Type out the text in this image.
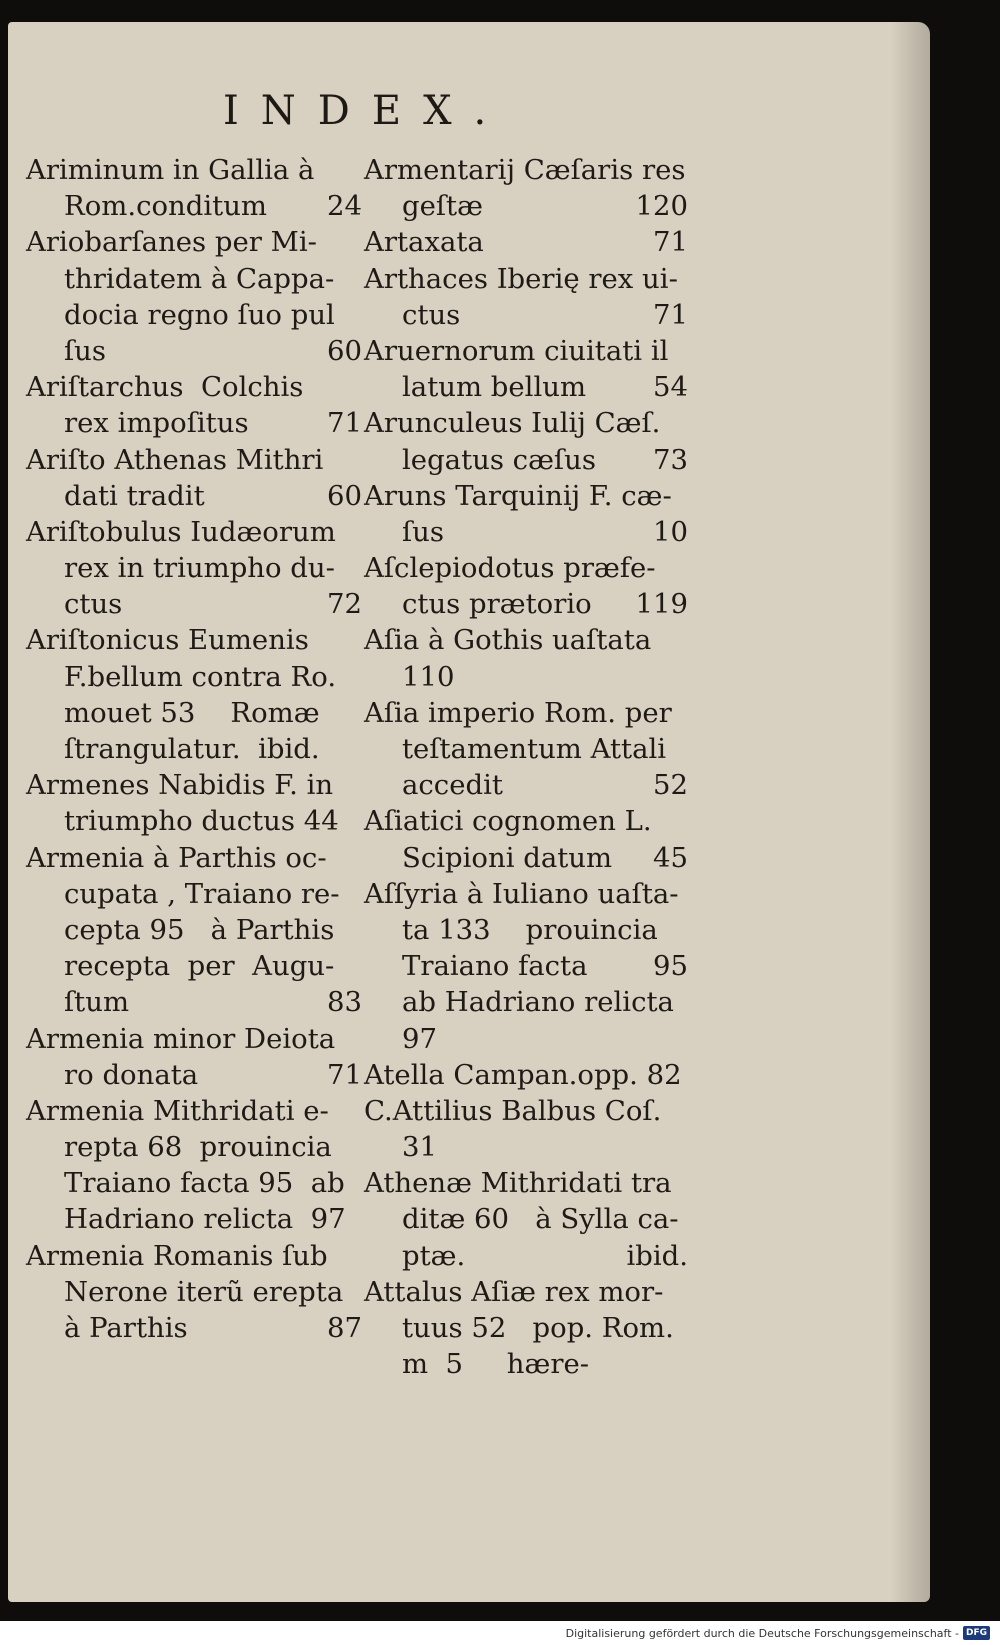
INDEX.
Ariminum in Gallia à
Rom.conditum 24
Ariobarſanes per Mi-
thridatem à Cappa-
docia regno ſuo pul
ſus	60
Ariſtarchus  Colchis
rex impoſitus	71
Ariſto Athenas Mithri
dati tradit	60
Ariſtobulus Iudæorum
rex in triumpho du-
ctus	72
Ariſtonicus Eumenis
F.bellum contra Ro.
mouet 53    Romæ
ſtrangulatur.  ibid.
Armenes Nabidis F. in
triumpho ductus 44
Armenia à Parthis oc-
cupata , Traiano re-
cepta 95   à Parthis
recepta  per  Augu-
ſtum	83
Armenia minor Deiota
ro donata	71
Armenia Mithridati e-
repta 68  prouincia
Traiano facta 95  ab
Hadriano relicta  97
Armenia Romanis ſub
Nerone iterũ erepta
à Parthis	87
Armentarij Cæſaris res
geſtæ	120
Artaxata	71
Arthaces Iberię rex ui-
ctus	71
Aruernorum ciuitati il
latum bellum 54
Arunculeus Iulij Cæſ.
legatus cæſus 73
Aruns Tarquinij F. cæ-
ſus	10
Aſclepiodotus præfe-
ctus prætorio 119
Aſia à Gothis uaſtata
110
Aſia imperio Rom. per
teſtamentum Attali
accedit	52
Aſiatici cognomen L.
Scipioni datum 45
Aſſyria à Iuliano uaſta-
ta 133    prouincia
Traiano facta 95
ab Hadriano relicta
97
Atella Campan.opp. 82
C.Attilius Balbus Coſ.
31
Athenæ Mithridati tra
ditæ 60   à Sylla ca-
ptæ.	ibid.
Attalus Aſiæ rex mor-
tuus 52   pop. Rom.
m  5     hære-
Digitalisierung gefördert durch die Deutsche Forschungsgemeinschaft - DFG
